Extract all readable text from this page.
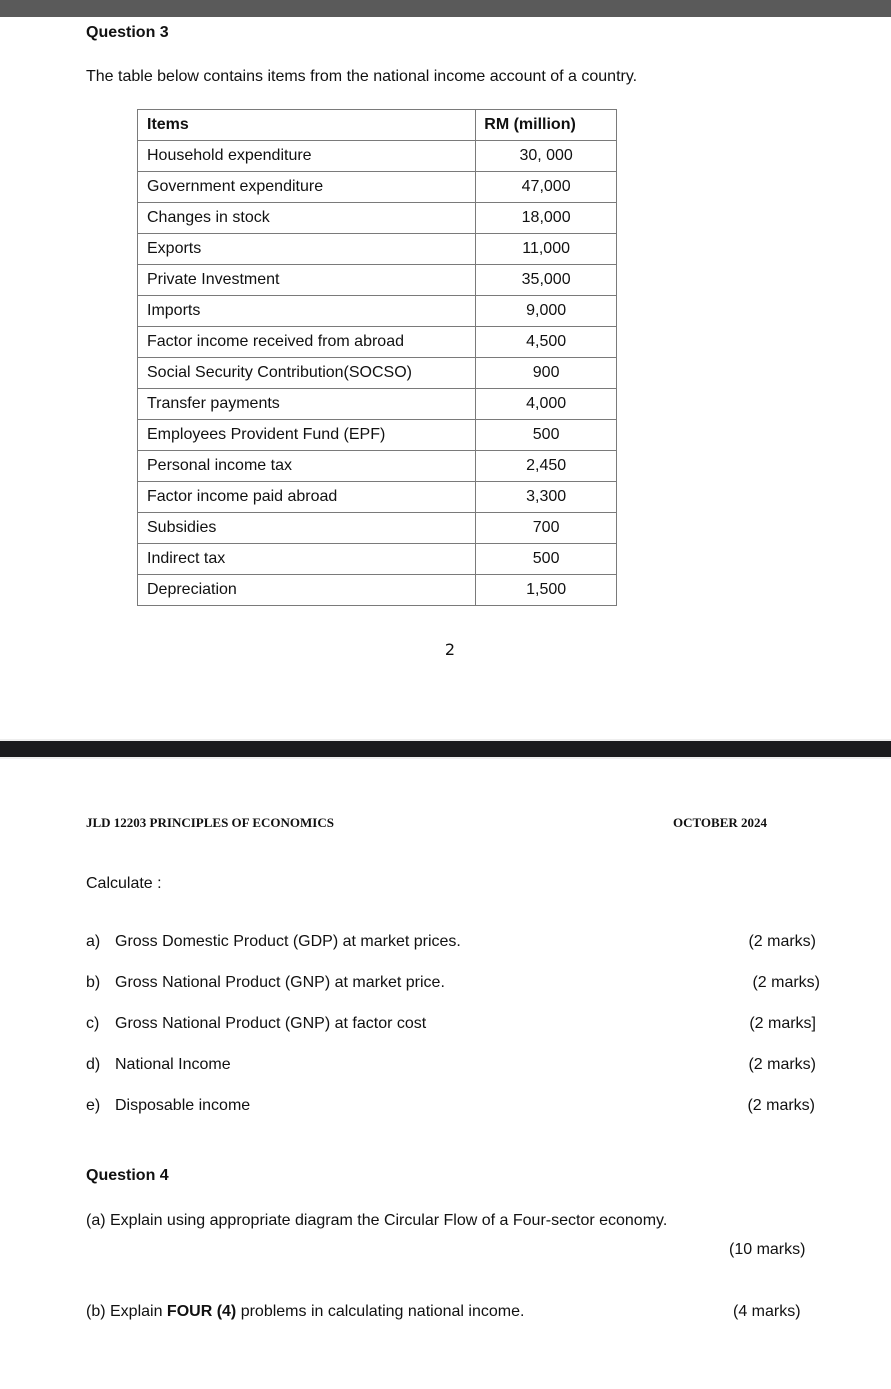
Question 3
The table below contains items from the national income account of a country.
Items	RM (million)
Household expenditure	30, 000
Government expenditure	47,000
Changes in stock	18,000
Exports	11,000
Private Investment	35,000
Imports	9,000
Factor income received from abroad	4,500
Social Security Contribution(SOCSO)	900
Transfer payments	4,000
Employees Provident Fund (EPF)	500
Personal income tax	2,450
Factor income paid abroad	3,300
Subsidies	700
Indirect tax	500
Depreciation	1,500
2
JLD 12203 PRINCIPLES OF ECONOMICS	OCTOBER 2024
Calculate :
a) Gross Domestic Product (GDP) at market prices.	(2 marks)
b) Gross National Product (GNP) at market price.	(2 marks)
c) Gross National Product (GNP) at factor cost	(2 marks]
d) National Income	(2 marks)
e) Disposable income	(2 marks)
Question 4
(a) Explain using appropriate diagram the Circular Flow of a Four-sector economy.
(10 marks)
(b) Explain FOUR (4) problems in calculating national income.	(4 marks)
